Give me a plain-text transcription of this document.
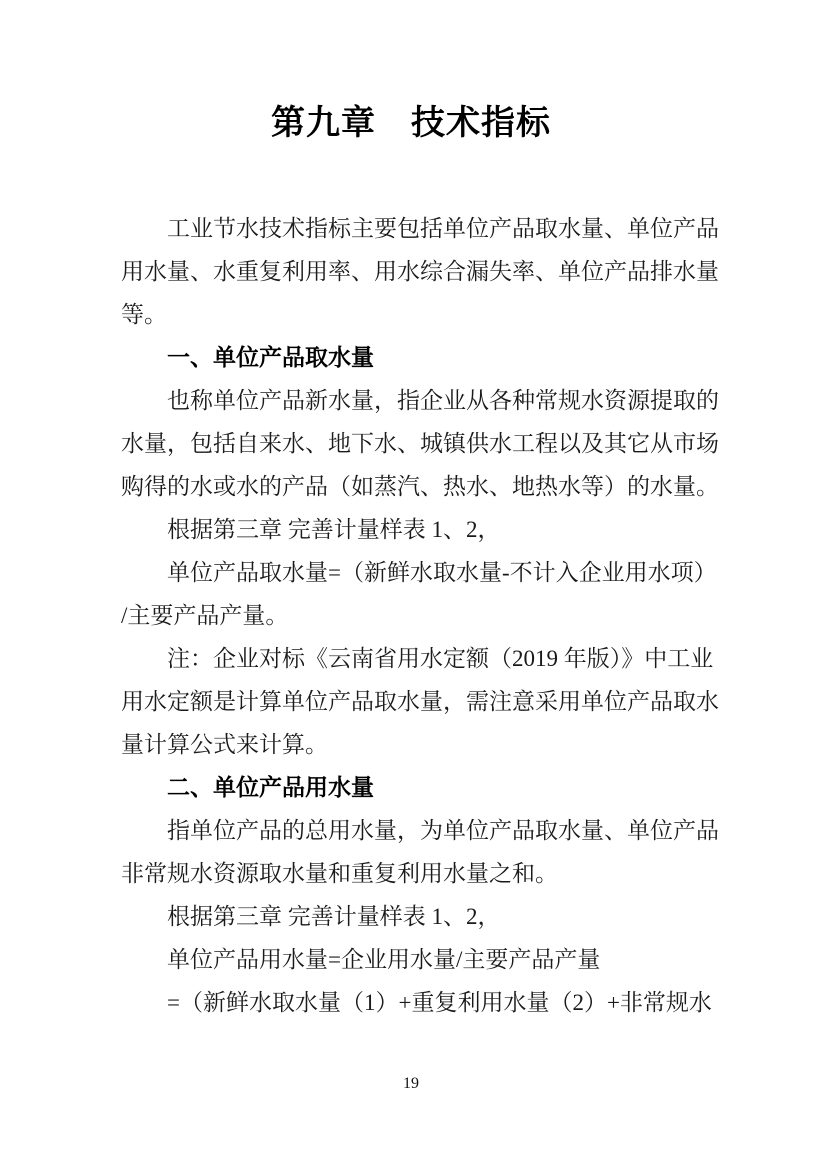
第九章　技术指标
工业节水技术指标主要包括单位产品取水量、单位产品
用水量、水重复利用率、用水综合漏失率、单位产品排水量
等。
一、单位产品取水量
也称单位产品新水量，指企业从各种常规水资源提取的
水量，包括自来水、地下水、城镇供水工程以及其它从市场
购得的水或水的产品（如蒸汽、热水、地热水等）的水量。
根据第三章 完善计量样表 1、2，
单位产品取水量=（新鲜水取水量-不计入企业用水项）
/主要产品产量。
注：企业对标《云南省用水定额（2019 年版）》中工业
用水定额是计算单位产品取水量，需注意采用单位产品取水
量计算公式来计算。
二、单位产品用水量
指单位产品的总用水量，为单位产品取水量、单位产品
非常规水资源取水量和重复利用水量之和。
根据第三章 完善计量样表 1、2，
单位产品用水量=企业用水量/主要产品产量
=（新鲜水取水量（1）+重复利用水量（2）+非常规水
19
